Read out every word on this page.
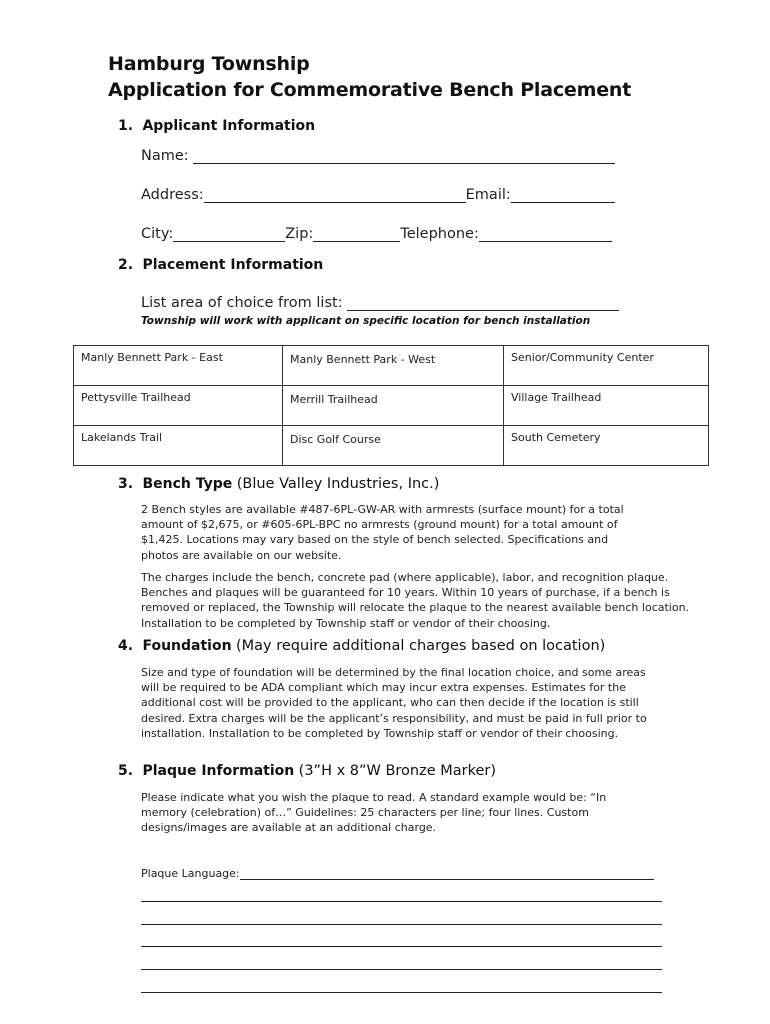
Hamburg Township
Application for Commemorative Bench Placement
1. Applicant Information
Name:
Address:	Email:
City:	Zip:	Telephone:
2. Placement Information
List area of choice from list:
Township will work with applicant on specific location for bench installation
Manly Bennett Park - East	Manly Bennett Park - West	Senior/Community Center
Pettysville Trailhead	Merrill Trailhead	Village Trailhead
Lakelands Trail	Disc Golf Course	South Cemetery
3. Bench Type (Blue Valley Industries, Inc.)
2 Bench styles are available #487-6PL-GW-AR with armrests (surface mount) for a total amount of $2,675, or #605-6PL-BPC no armrests (ground mount) for a total amount of $1,425. Locations may vary based on the style of bench selected. Specifications and photos are available on our website.
The charges include the bench, concrete pad (where applicable), labor, and recognition plaque. Benches and plaques will be guaranteed for 10 years. Within 10 years of purchase, if a bench is removed or replaced, the Township will relocate the plaque to the nearest available bench location. Installation to be completed by Township staff or vendor of their choosing.
4. Foundation (May require additional charges based on location)
Size and type of foundation will be determined by the final location choice, and some areas will be required to be ADA compliant which may incur extra expenses. Estimates for the additional cost will be provided to the applicant, who can then decide if the location is still desired. Extra charges will be the applicant’s responsibility, and must be paid in full prior to installation. Installation to be completed by Township staff or vendor of their choosing.
5. Plaque Information (3”H x 8”W Bronze Marker)
Please indicate what you wish the plaque to read. A standard example would be: “In memory (celebration) of…” Guidelines: 25 characters per line; four lines. Custom designs/images are available at an additional charge.
Plaque Language:
